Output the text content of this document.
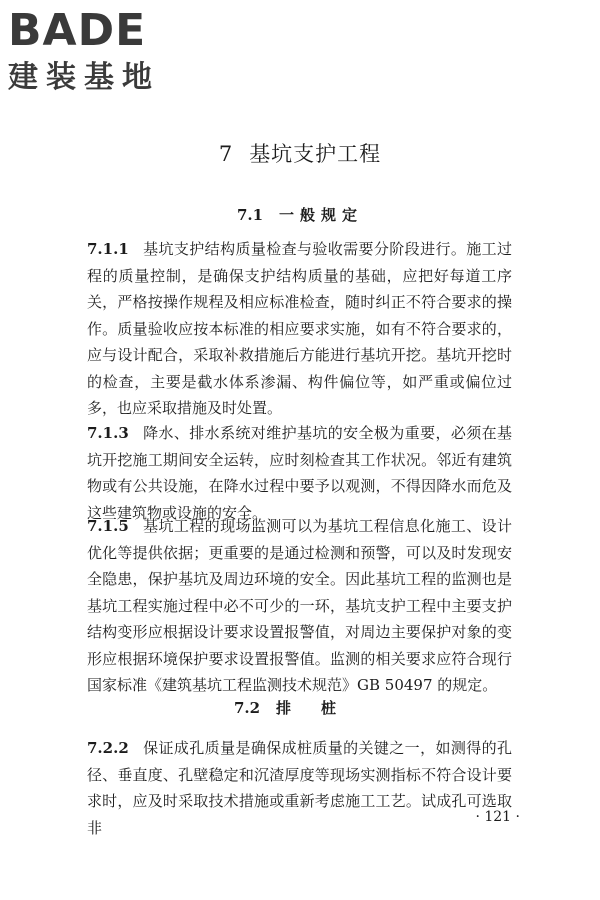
BADE
建装基地
7 基坑支护工程
7.1 一般规定
7.1.1 基坑支护结构质量检查与验收需要分阶段进行。施工过程的质量控制，是确保支护结构质量的基础，应把好每道工序关，严格按操作规程及相应标准检查，随时纠正不符合要求的操作。质量验收应按本标准的相应要求实施，如有不符合要求的，应与设计配合，采取补救措施后方能进行基坑开挖。基坑开挖时的检查，主要是截水体系渗漏、构件偏位等，如严重或偏位过多，也应采取措施及时处置。
7.1.3 降水、排水系统对维护基坑的安全极为重要，必须在基坑开挖施工期间安全运转，应时刻检查其工作状况。邻近有建筑物或有公共设施，在降水过程中要予以观测，不得因降水而危及这些建筑物或设施的安全。
7.1.5 基坑工程的现场监测可以为基坑工程信息化施工、设计优化等提供依据；更重要的是通过检测和预警，可以及时发现安全隐患，保护基坑及周边环境的安全。因此基坑工程的监测也是基坑工程实施过程中必不可少的一环，基坑支护工程中主要支护结构变形应根据设计要求设置报警值，对周边主要保护对象的变形应根据环境保护要求设置报警值。监测的相关要求应符合现行国家标准《建筑基坑工程监测技术规范》GB 50497 的规定。
7.2 排桩
7.2.2 保证成孔质量是确保成桩质量的关键之一，如测得的孔径、垂直度、孔壁稳定和沉渣厚度等现场实测指标不符合设计要求时，应及时采取技术措施或重新考虑施工工艺。试成孔可选取非
· 121 ·
